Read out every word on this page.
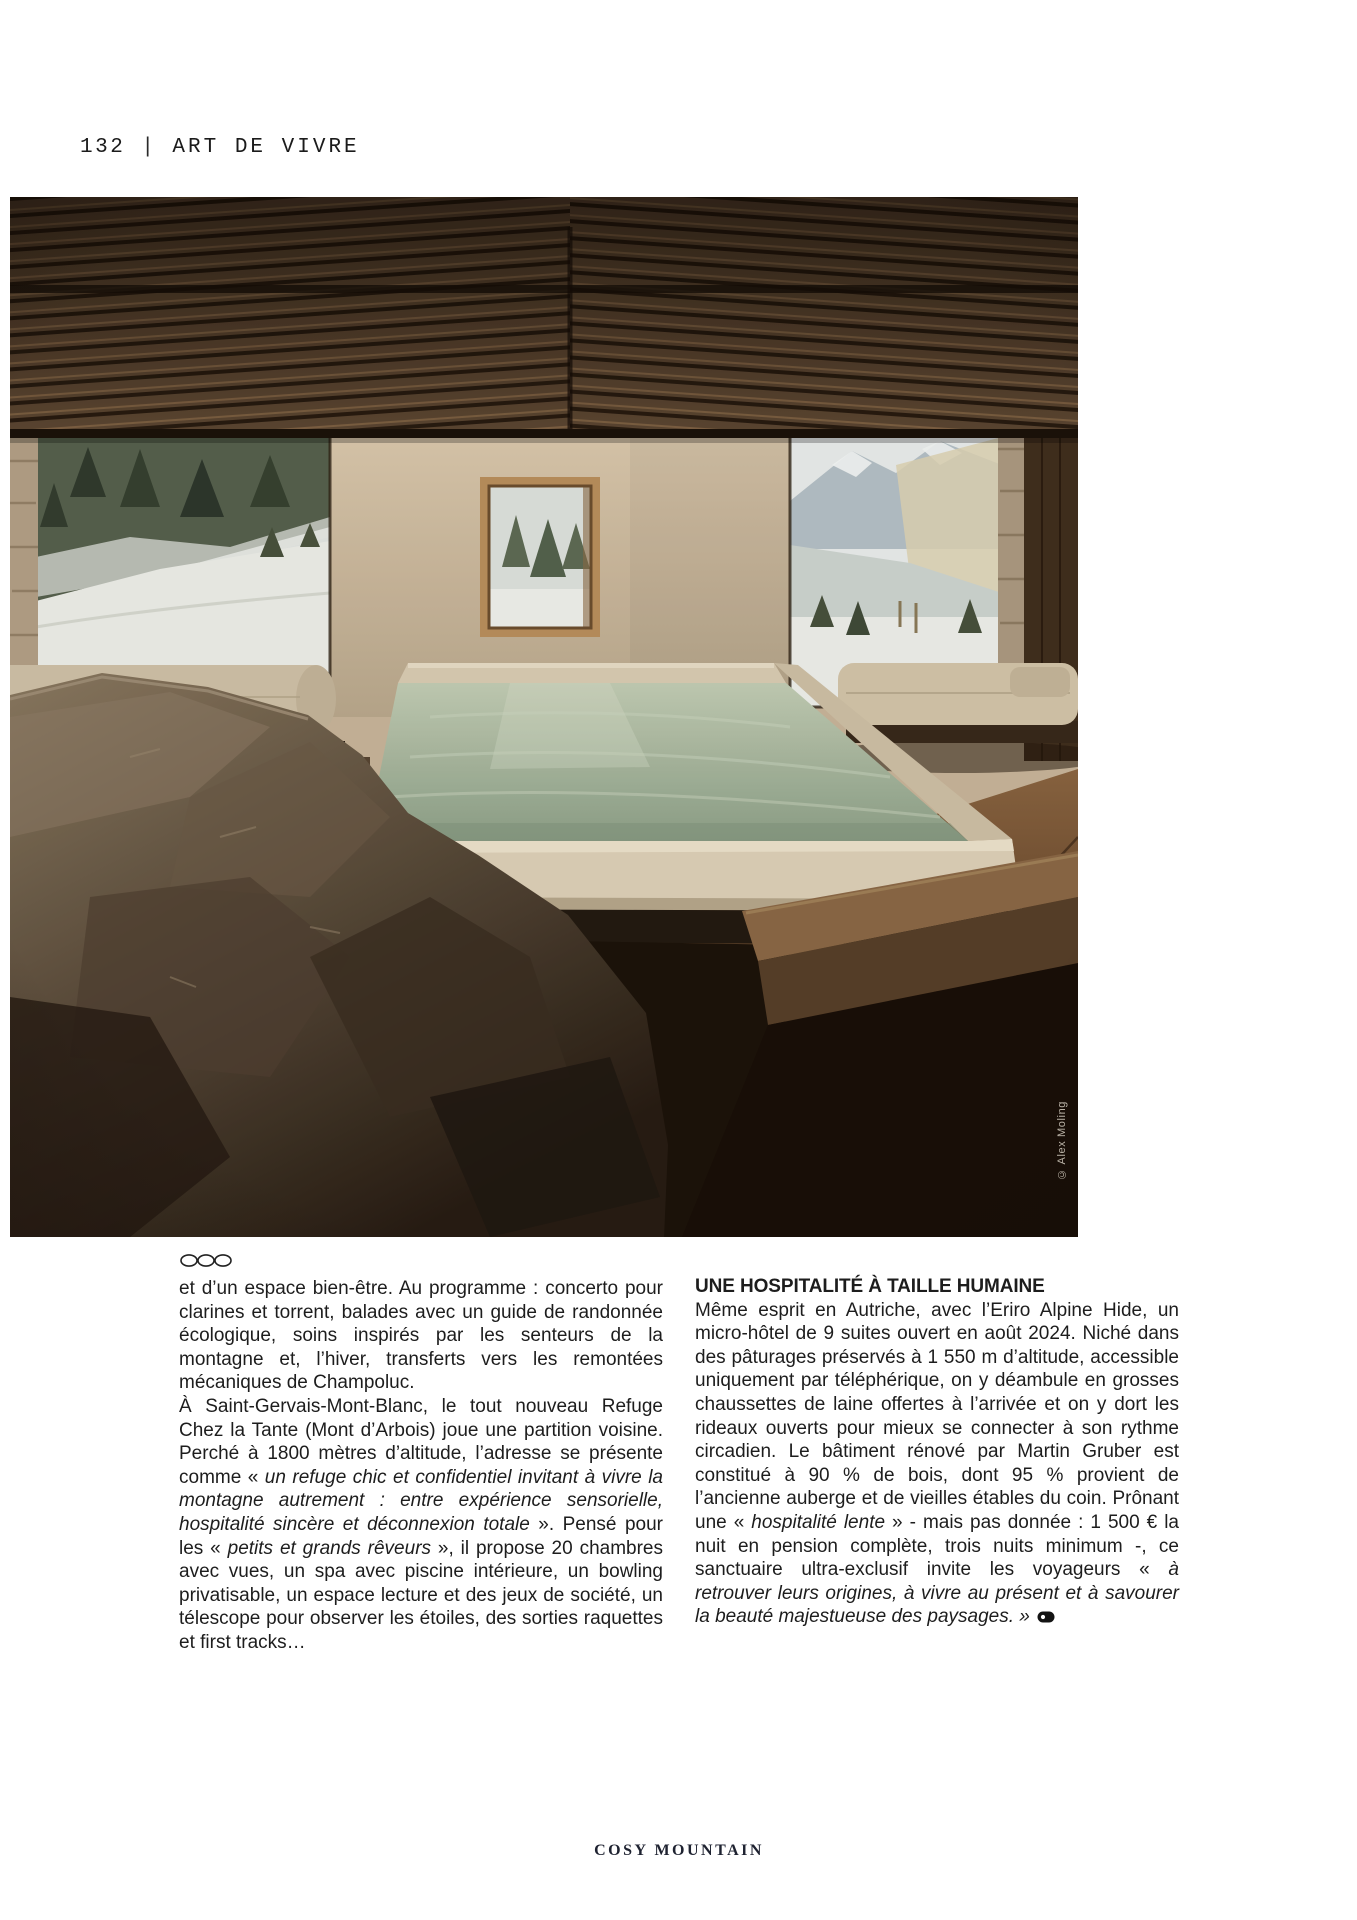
132 | ART DE VIVRE
© Alex Moling

et d’un espace bien-être. Au programme : concerto pour clarines et torrent, balades avec un guide de randonnée écologique, soins inspirés par les senteurs de la montagne et, l’hiver, transferts vers les remontées mécaniques de Champoluc.

À Saint-Gervais-Mont-Blanc, le tout nouveau Refuge Chez la Tante (Mont d’Arbois) joue une partition voisine. Perché à 1800 mètres d’altitude, l’adresse se présente comme « un refuge chic et confidentiel invitant à vivre la montagne autrement : entre expérience sensorielle, hospitalité sincère et déconnexion totale ». Pensé pour les « petits et grands rêveurs », il propose 20 chambres avec vues, un spa avec piscine intérieure, un bowling privatisable, un espace lecture et des jeux de société, un télescope pour observer les étoiles, des sorties raquettes et first tracks…

UNE HOSPITALITÉ À TAILLE HUMAINE

Même esprit en Autriche, avec l’Eriro Alpine Hide, un micro-hôtel de 9 suites ouvert en août 2024. Niché dans des pâturages préservés à 1 550 m d’altitude, accessible uniquement par téléphérique, on y déambule en grosses chaussettes de laine offertes à l’arrivée et on y dort les rideaux ouverts pour mieux se connecter à son rythme circadien. Le bâtiment rénové par Martin Gruber est constitué à 90 % de bois, dont 95 % provient de l’ancienne auberge et de vieilles étables du coin. Prônant une « hospitalité lente » - mais pas donnée : 1 500 € la nuit en pension complète, trois nuits minimum -, ce sanctuaire ultra-exclusif invite les voyageurs « à retrouver leurs origines, à vivre au présent et à savourer la beauté majestueuse des paysages. »

COSY MOUNTAIN
